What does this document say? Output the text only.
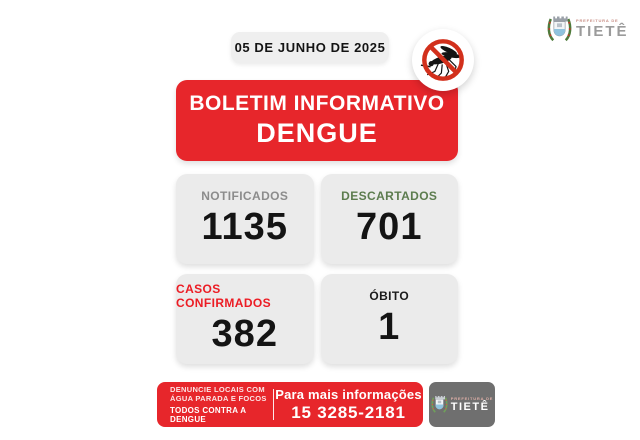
05 DE JUNHO DE 2025
PREFEITURA DE
TIETÊ
BOLETIM INFORMATIVO
DENGUE
NOTIFICADOS
1135
DESCARTADOS
701
CASOS CONFIRMADOS
382
ÓBITO
1
DENUNCIE LOCAIS COM
ÁGUA PARADA E FOCOS
TODOS CONTRA A DENGUE
Para mais informações
15 3285-2181
PREFEITURA DE
TIETÊ
